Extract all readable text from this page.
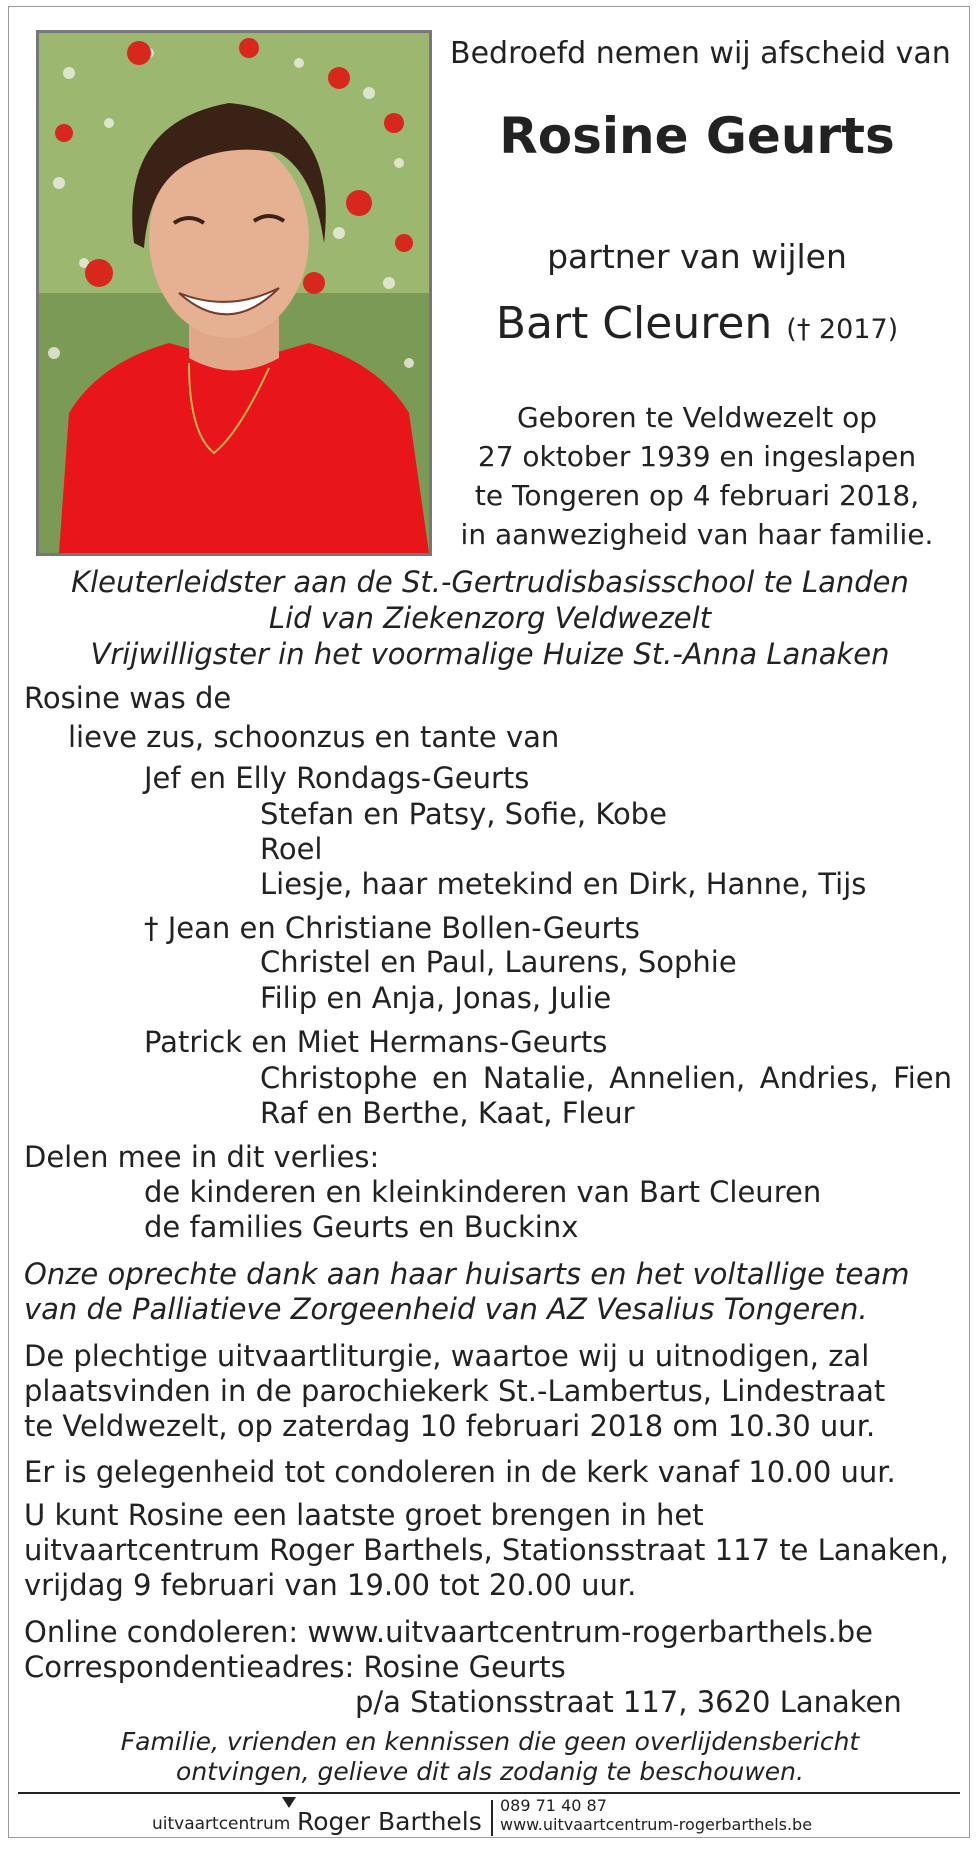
Bedroefd nemen wij afscheid van
Rosine Geurts
partner van wijlen
Bart Cleuren († 2017)
Geboren te Veldwezelt op
27 oktober 1939 en ingeslapen
te Tongeren op 4 februari 2018,
in aanwezigheid van haar familie.
Kleuterleidster aan de St.-Gertrudisbasisschool te Landen
Lid van Ziekenzorg Veldwezelt
Vrijwilligster in het voormalige Huize St.-Anna Lanaken
Rosine was de
lieve zus, schoonzus en tante van
Jef en Elly Rondags-Geurts
Stefan en Patsy, Sofie, Kobe
Roel
Liesje, haar metekind en Dirk, Hanne, Tijs
† Jean en Christiane Bollen-Geurts
Christel en Paul, Laurens, Sophie
Filip en Anja, Jonas, Julie
Patrick en Miet Hermans-Geurts
Christophe en Natalie, Annelien, Andries, Fien
Raf en Berthe, Kaat, Fleur
Delen mee in dit verlies:
de kinderen en kleinkinderen van Bart Cleuren
de families Geurts en Buckinx
Onze oprechte dank aan haar huisarts en het voltallige team
van de Palliatieve Zorgeenheid van AZ Vesalius Tongeren.
De plechtige uitvaartliturgie, waartoe wij u uitnodigen, zal
plaatsvinden in de parochiekerk St.-Lambertus, Lindestraat
te Veldwezelt, op zaterdag 10 februari 2018 om 10.30 uur.
Er is gelegenheid tot condoleren in de kerk vanaf 10.00 uur.
U kunt Rosine een laatste groet brengen in het
uitvaartcentrum Roger Barthels, Stationsstraat 117 te Lanaken,
vrijdag 9 februari van 19.00 tot 20.00 uur.
Online condoleren: www.uitvaartcentrum-rogerbarthels.be
Correspondentieadres: Rosine Geurts
p/a Stationsstraat 117, 3620 Lanaken
Familie, vrienden en kennissen die geen overlijdensbericht
ontvingen, gelieve dit als zodanig te beschouwen.
uitvaartcentrum Roger Barthels
089 71 40 87
www.uitvaartcentrum-rogerbarthels.be
